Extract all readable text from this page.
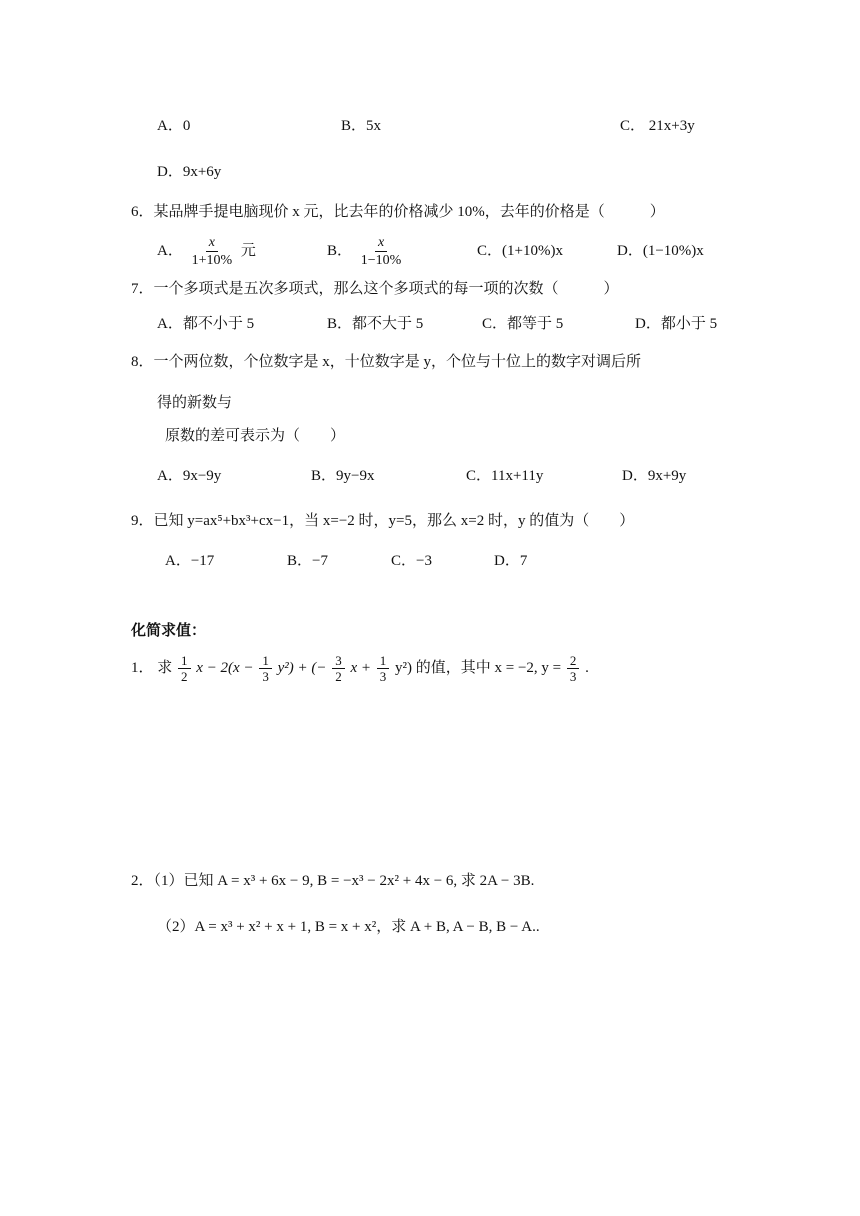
A．0	B．5x	C． 21x+3y
D．9x+6y
6．某品牌手提电脑现价 x 元，比去年的价格减少 10%，去年的价格是（　　　）
A． $\frac{x}{1+10\%}$ 元	B． $\frac{x}{1-10\%}$	C．(1+10%)x	D．(1−10%)x
7．一个多项式是五次多项式，那么这个多项式的每一项的次数（　　　）
A．都不小于 5	B．都不大于 5	C．都等于 5	D．都小于 5
8．一个两位数，个位数字是 x，十位数字是 y，个位与十位上的数字对调后所
得的新数与
原数的差可表示为（　　）
A．9x−9y	B．9y−9x	C．11x+11y	D．9x+9y
9．已知 y=ax⁵+bx³+cx−1，当 x=−2 时，y=5，那么 x=2 时，y 的值为（　　）
A．−17	B．−7	C．−3	D．7
化简求值：
1． 求 $\frac{1}{2}$ $x - 2(x - \frac{1}{3} y^2)$ + (− $\frac{3}{2}$ $x + \frac{1}{3} y^2$) 的值，其中 x = −2, $y = \frac{2}{3}$ .
2．（1）已知 A = x³ + 6x − 9, B = −x³ − 2x² + 4x − 6, 求 2A − 3B.
（2）A = x³ + x² + x + 1, B = x + x²，求 A + B, A − B, B − A..
